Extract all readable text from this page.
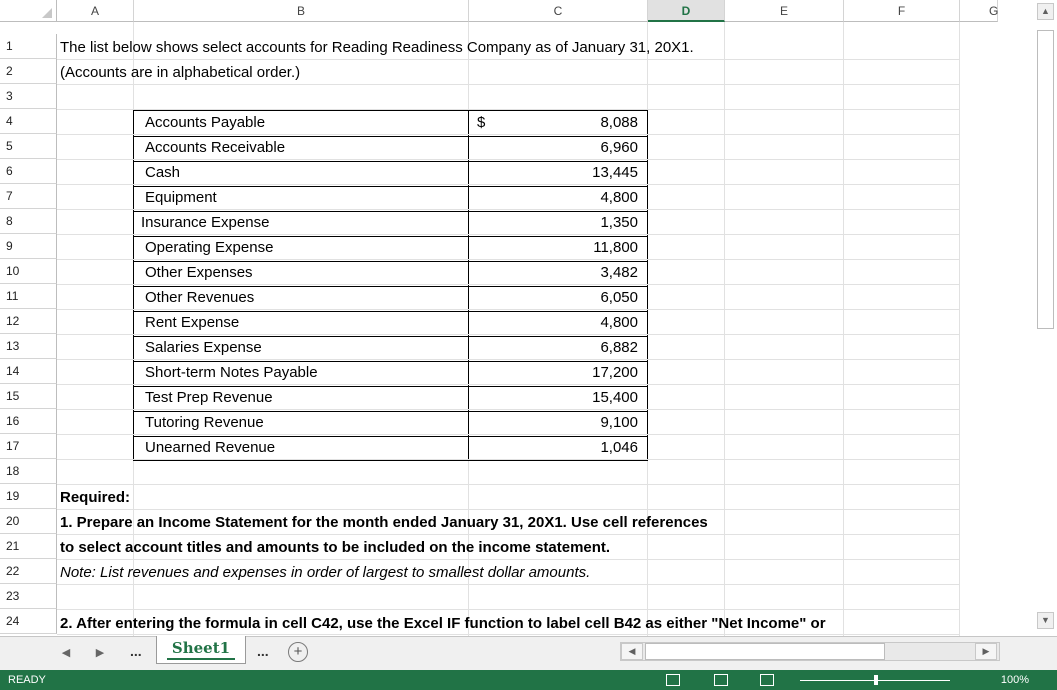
A	B	C	D	E	F	G
1
2
3
4
5
6
7
8
9
10
11
12
13
14
15
16
17
18
19
20
21
22
23
24
The list below shows select accounts for Reading Readiness Company as of January 31, 20X1.
(Accounts are in alphabetical order.)
$
Accounts Payable	8,088
Accounts Receivable	6,960
Cash	13,445
Equipment	4,800
Insurance Expense	1,350
Operating Expense	11,800
Other Expenses	3,482
Other Revenues	6,050
Rent Expense	4,800
Salaries Expense	6,882
Short-term Notes Payable	17,200
Test Prep Revenue	15,400
Tutoring Revenue	9,100
Unearned Revenue	1,046
Required:
1. Prepare an Income Statement for the month ended January 31, 20X1. Use cell references
to select account titles and amounts to be included on the income statement.
Note: List revenues and expenses in order of largest to smallest dollar amounts.
2. After entering the formula in cell C42, use the Excel IF function to label cell B42 as either "Net Income" or
▲
▼
◀	▶	...	Sheet1	...	+	◀	▶
READY	100%
